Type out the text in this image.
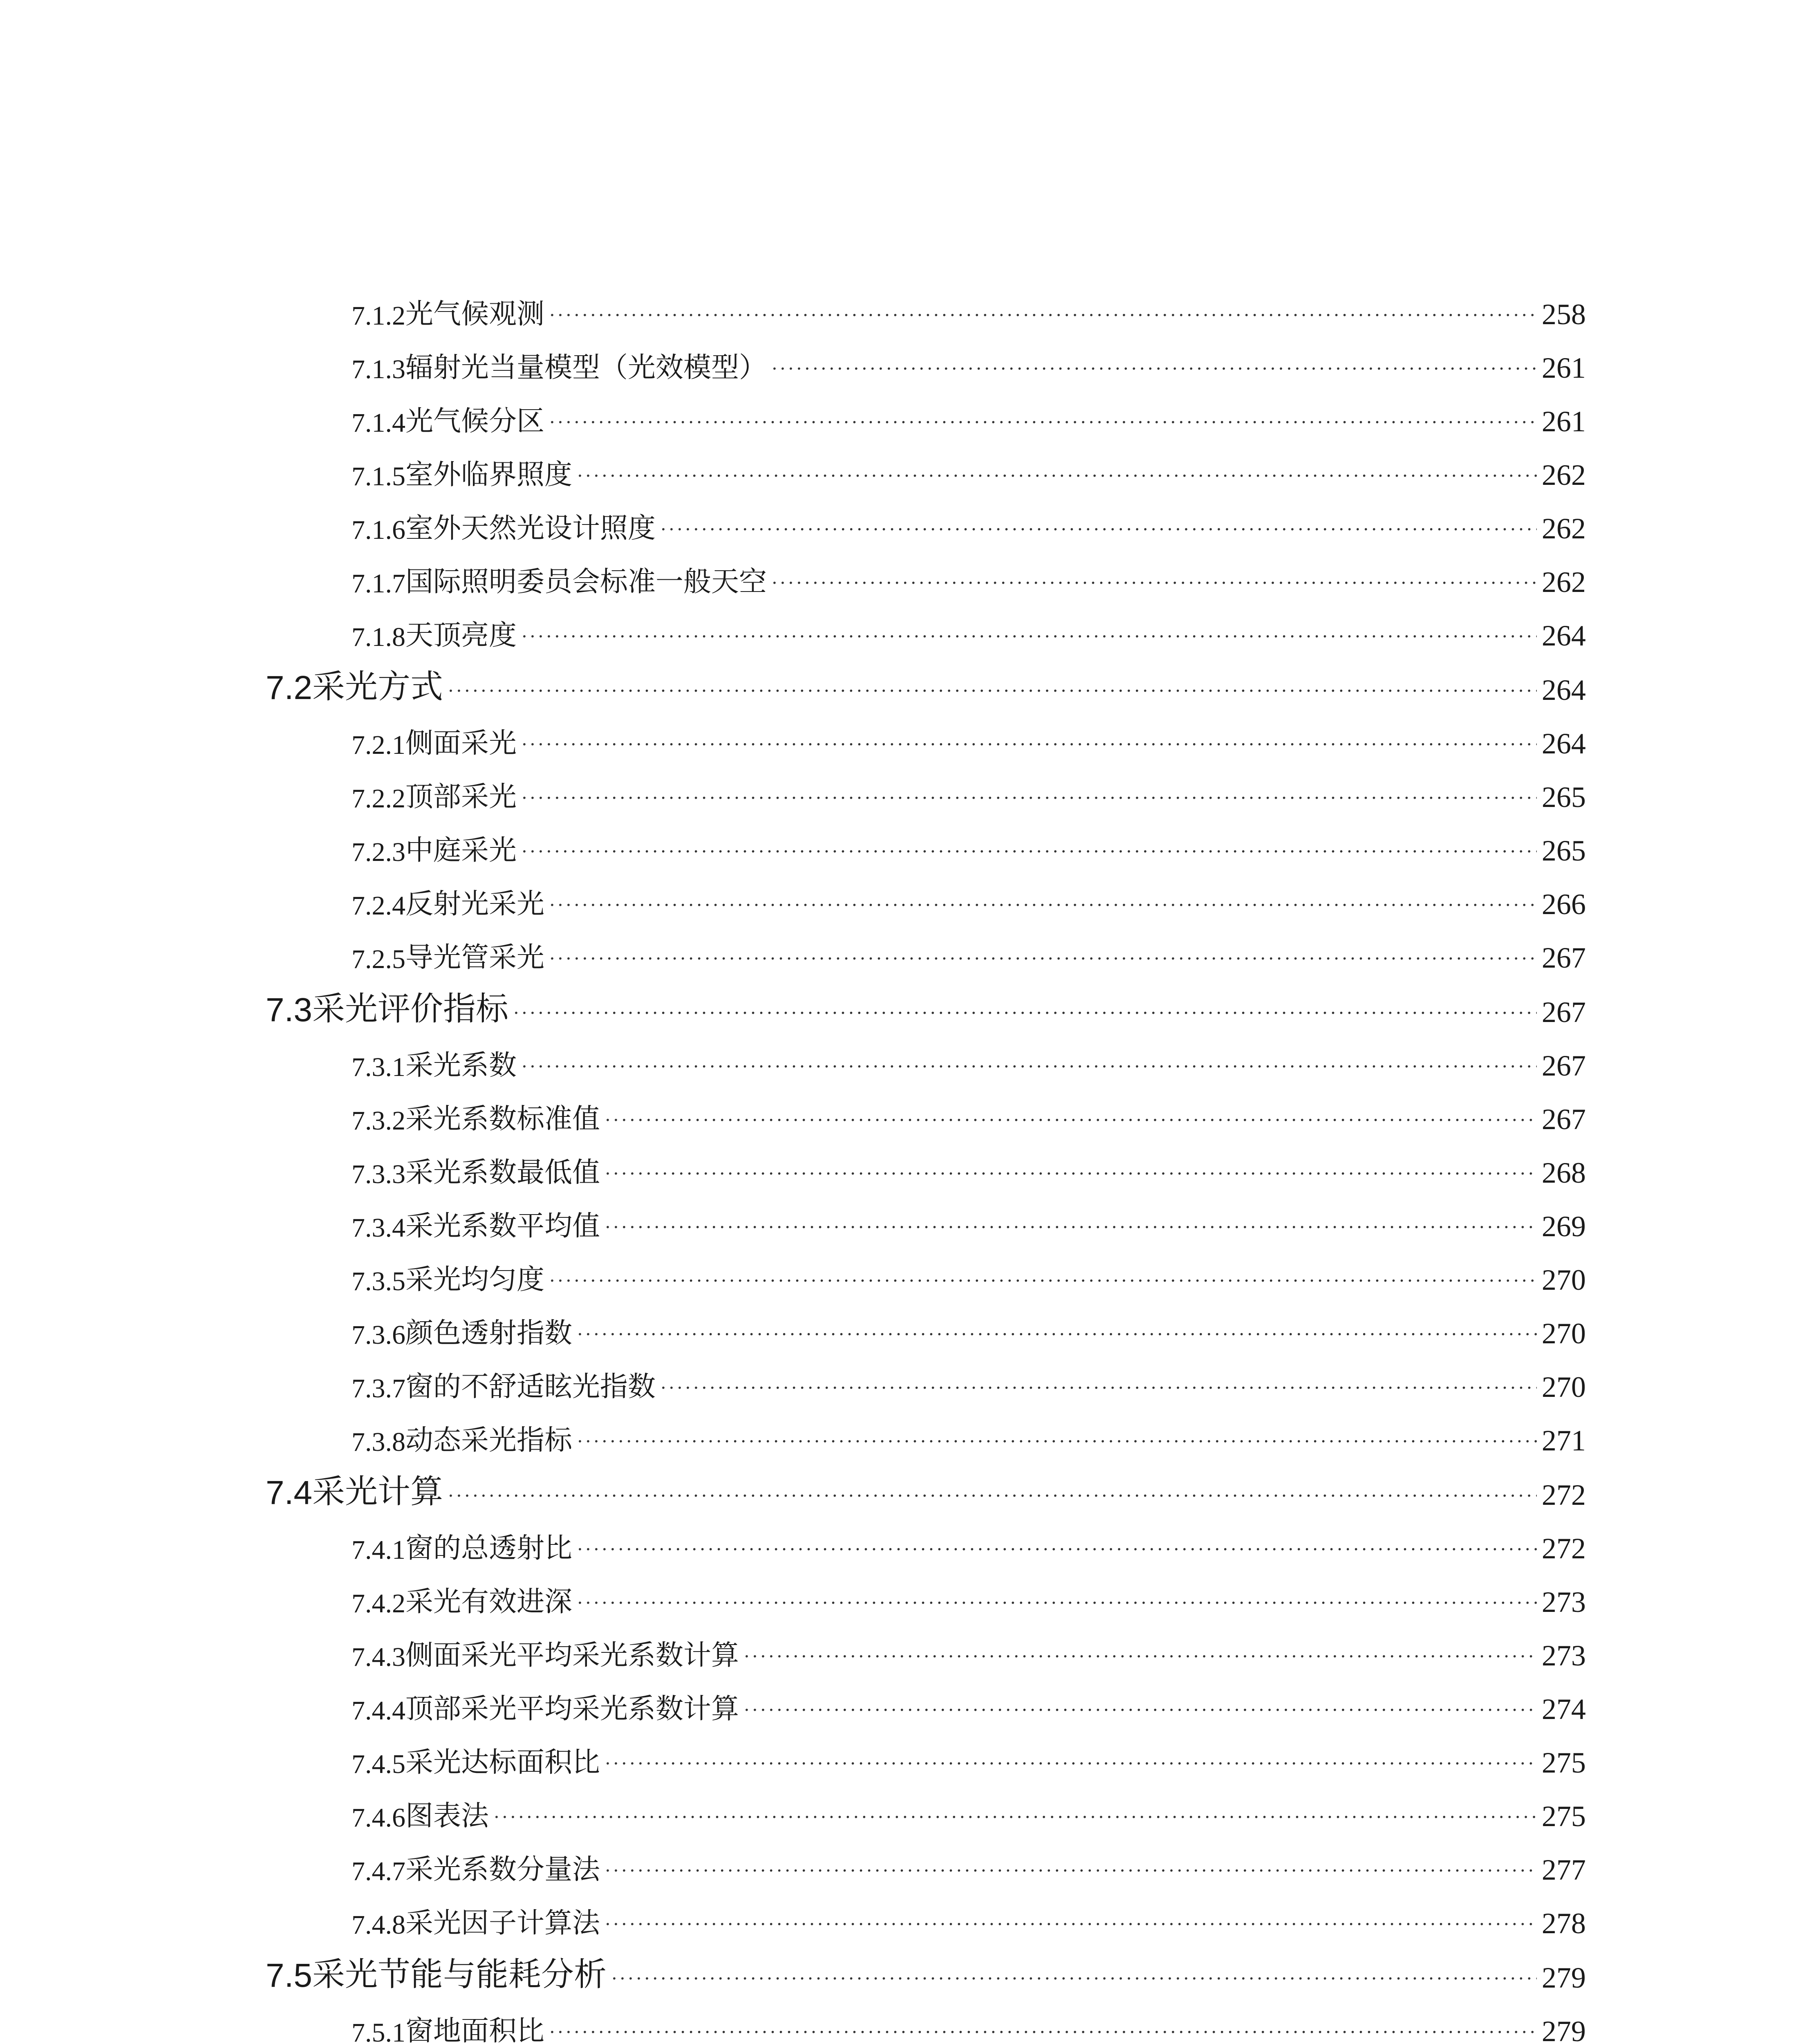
7.1.2 光气候观测 ·····	258
7.1.3 辐射光当量模型（光效模型） ·····	261
7.1.4 光气候分区 ·····	261
7.1.5 室外临界照度 ·····	262
7.1.6 室外天然光设计照度 ·····	262
7.1.7 国际照明委员会标准一般天空 ·····	262
7.1.8 天顶亮度 ·····	264
7.2 采光方式 ·····	264
7.2.1 侧面采光 ·····	264
7.2.2 顶部采光 ·····	265
7.2.3 中庭采光 ·····	265
7.2.4 反射光采光 ·····	266
7.2.5 导光管采光 ·····	267
7.3 采光评价指标 ·····	267
7.3.1 采光系数 ·····	267
7.3.2 采光系数标准值 ·····	267
7.3.3 采光系数最低值 ·····	268
7.3.4 采光系数平均值 ·····	269
7.3.5 采光均匀度 ·····	270
7.3.6 颜色透射指数 ·····	270
7.3.7 窗的不舒适眩光指数 ·····	270
7.3.8 动态采光指标 ·····	271
7.4 采光计算 ·····	272
7.4.1 窗的总透射比 ·····	272
7.4.2 采光有效进深 ·····	273
7.4.3 侧面采光平均采光系数计算 ·····	273
7.4.4 顶部采光平均采光系数计算 ·····	274
7.4.5 采光达标面积比 ·····	275
7.4.6 图表法 ·····	275
7.4.7 采光系数分量法 ·····	277
7.4.8 采光因子计算法 ·····	278
7.5 采光节能与能耗分析 ·····	279
7.5.1 窗地面积比 ·····	279
